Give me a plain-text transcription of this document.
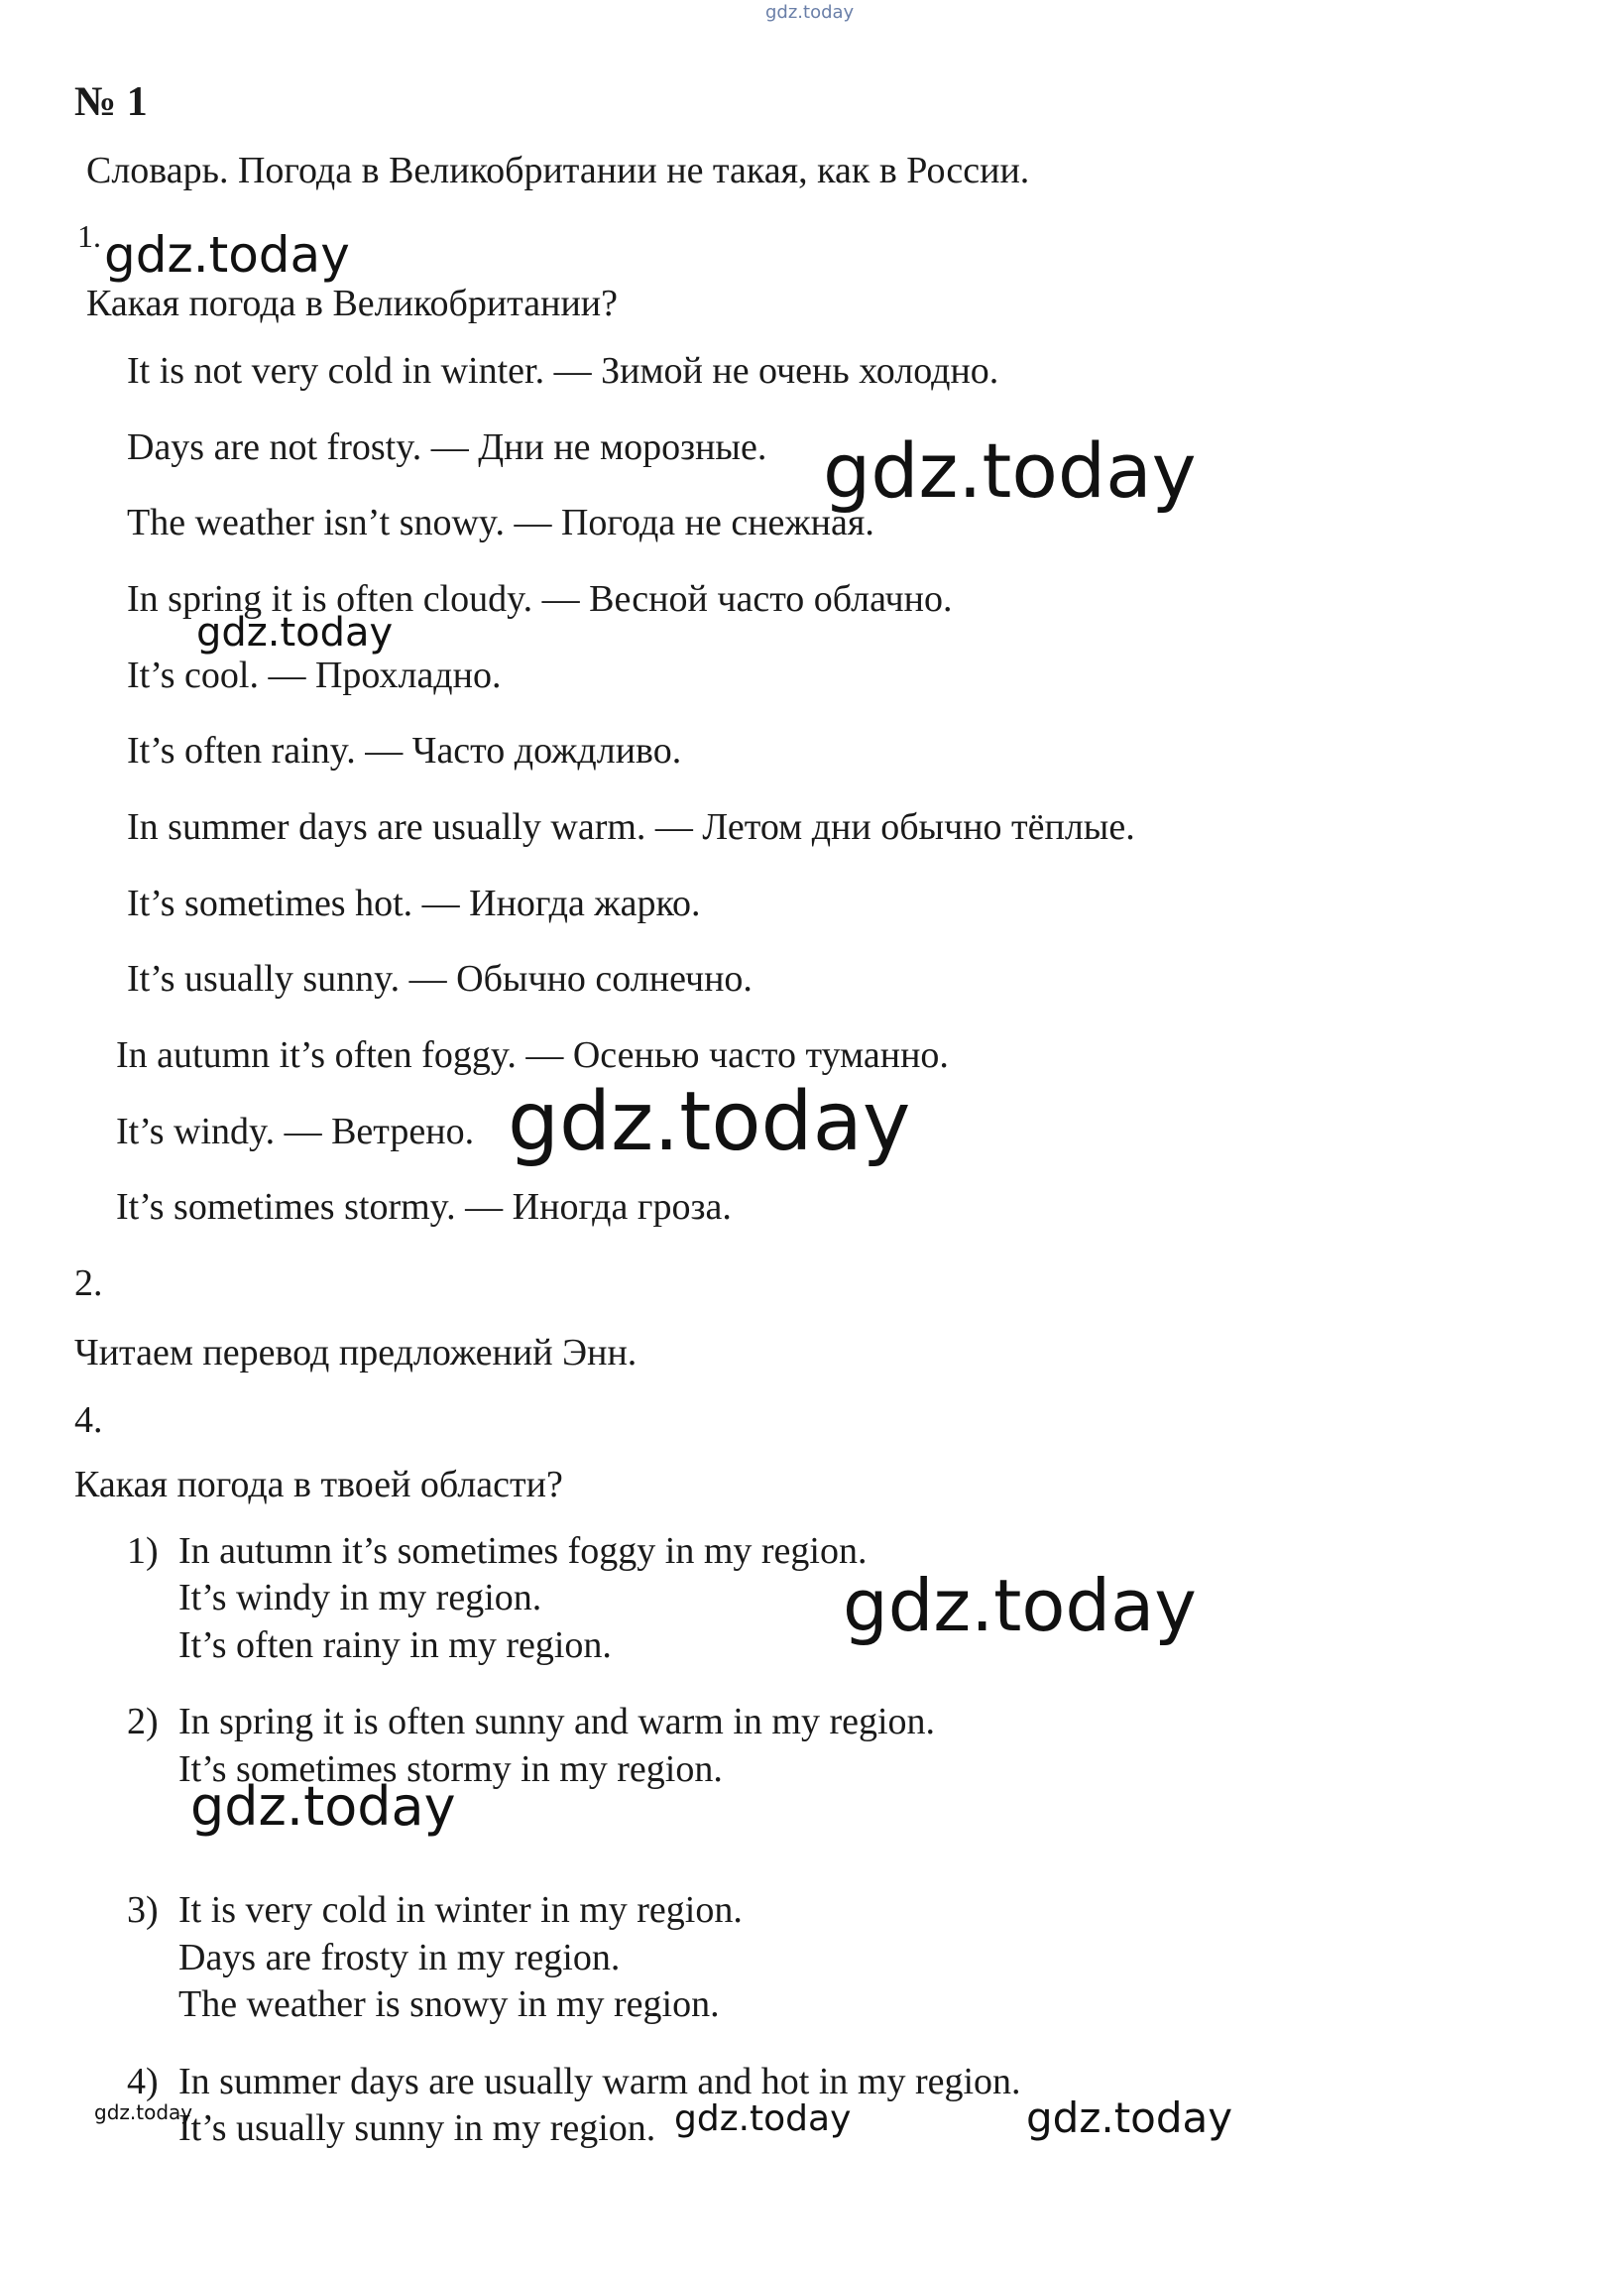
gdz.today
№ 1
Словарь. Погода в Великобритании не такая, как в России.
1.
Какая погода в Великобритании?
It is not very cold in winter. — Зимой не очень холодно.
Days are not frosty. — Дни не морозные.
The weather isn’t snowy. — Погода не снежная.
In spring it is often cloudy. — Весной часто облачно.
It’s cool. — Прохладно.
It’s often rainy. — Часто дождливо.
In summer days are usually warm. — Летом дни обычно тёплые.
It’s sometimes hot. — Иногда жарко.
It’s usually sunny. — Обычно солнечно.
In autumn it’s often foggy. — Осенью часто туманно.
It’s windy. — Ветрено.
It’s sometimes stormy. — Иногда гроза.
2.
Читаем перевод предложений Энн.
4.
Какая погода в твоей области?
1) In autumn it’s sometimes foggy in my region.
It’s windy in my region.
It’s often rainy in my region.
2) In spring it is often sunny and warm in my region.
It’s sometimes stormy in my region.
3) It is very cold in winter in my region.
Days are frosty in my region.
The weather is snowy in my region.
4) In summer days are usually warm and hot in my region.
It’s usually sunny in my region.
gdz.today
gdz.today
gdz.today
gdz.today
gdz.today
gdz.today
gdz.today	gdz.today	gdz.today
